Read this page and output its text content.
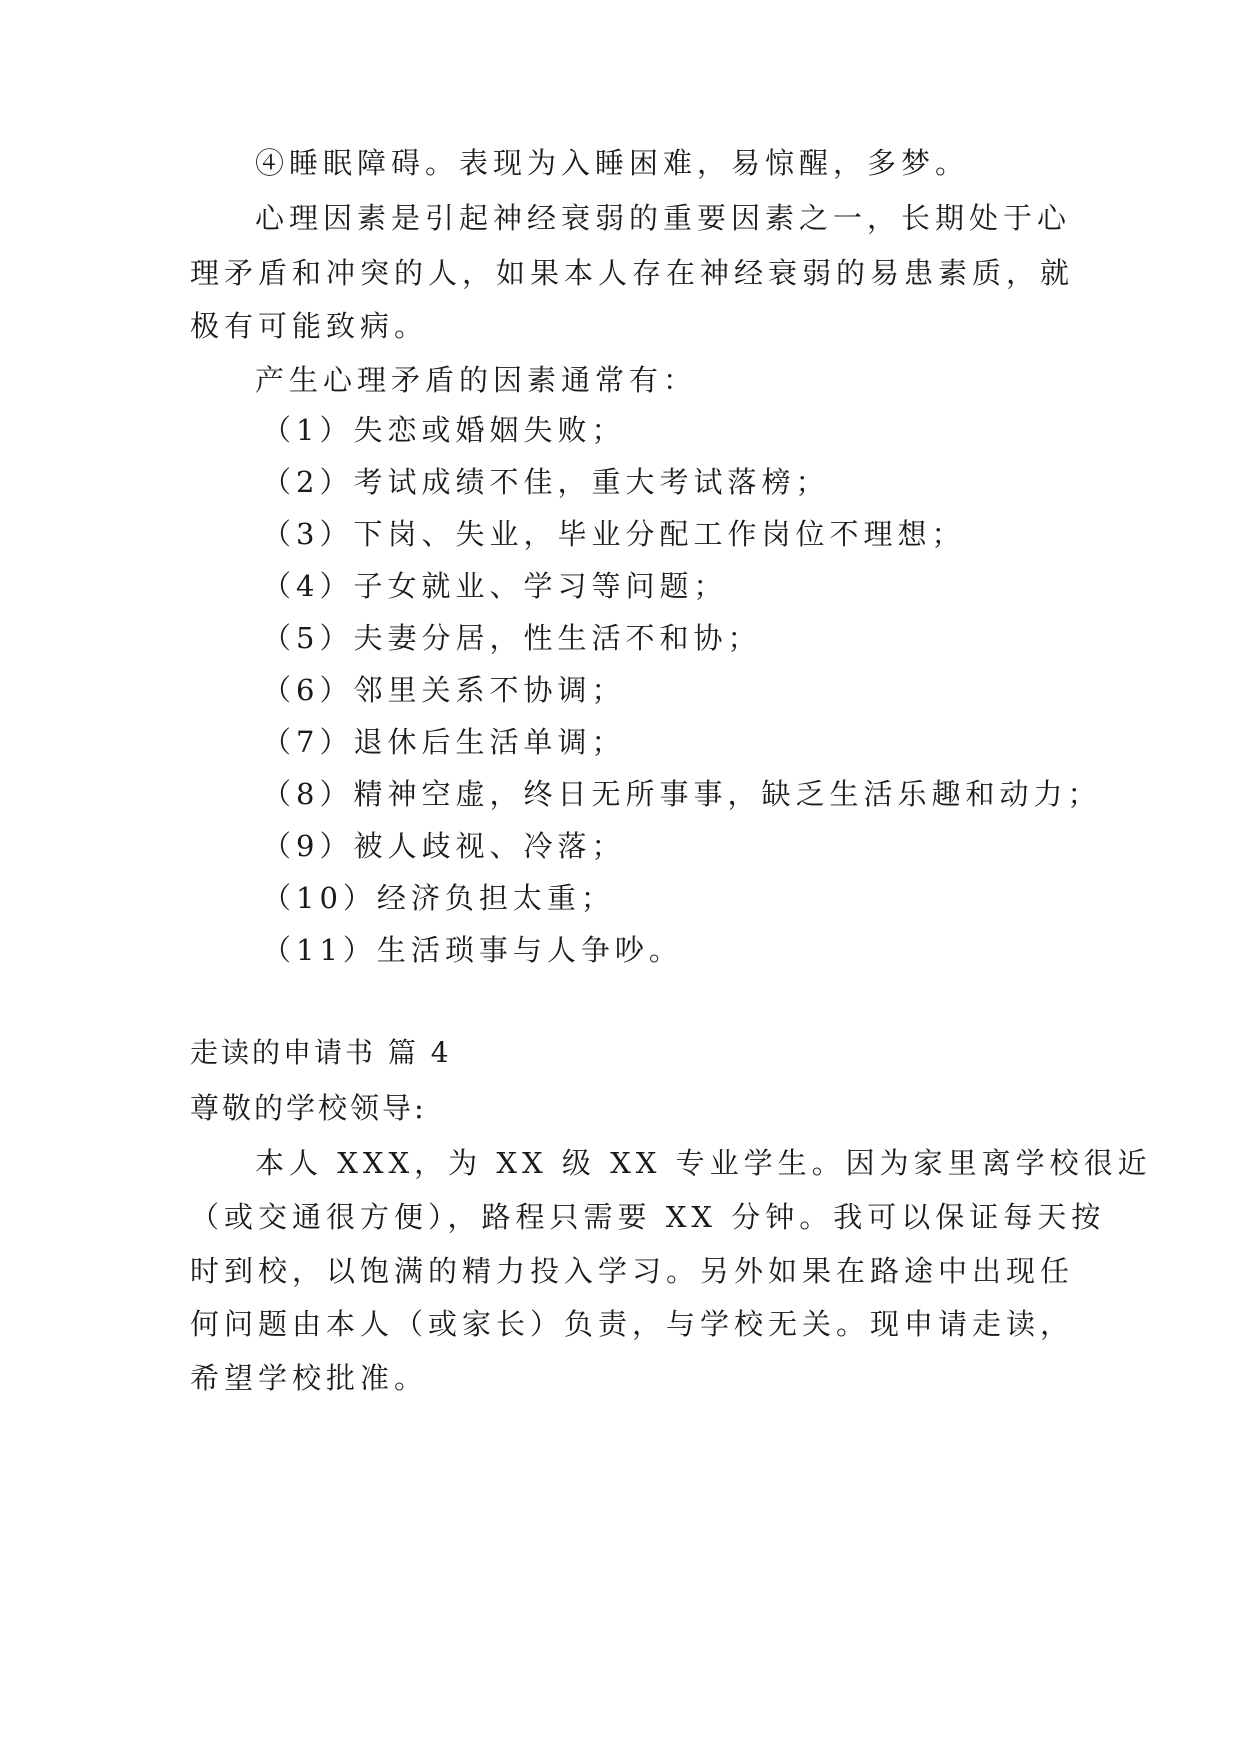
④睡眠障碍。表现为入睡困难，易惊醒，多梦。
心理因素是引起神经衰弱的重要因素之一，长期处于心
理矛盾和冲突的人，如果本人存在神经衰弱的易患素质，就
极有可能致病。
产生心理矛盾的因素通常有：
（1）失恋或婚姻失败；
（2）考试成绩不佳，重大考试落榜；
（3）下岗、失业，毕业分配工作岗位不理想；
（4）子女就业、学习等问题；
（5）夫妻分居，性生活不和协；
（6）邻里关系不协调；
（7）退休后生活单调；
（8）精神空虚，终日无所事事，缺乏生活乐趣和动力；
（9）被人歧视、冷落；
（10）经济负担太重；
（11）生活琐事与人争吵。
走读的申请书 篇 4
尊敬的学校领导:
本人 XXX，为 XX 级 XX 专业学生。因为家里离学校很近
（或交通很方便），路程只需要 XX 分钟。我可以保证每天按
时到校，以饱满的精力投入学习。另外如果在路途中出现任
何问题由本人（或家长）负责，与学校无关。现申请走读，
希望学校批准。
